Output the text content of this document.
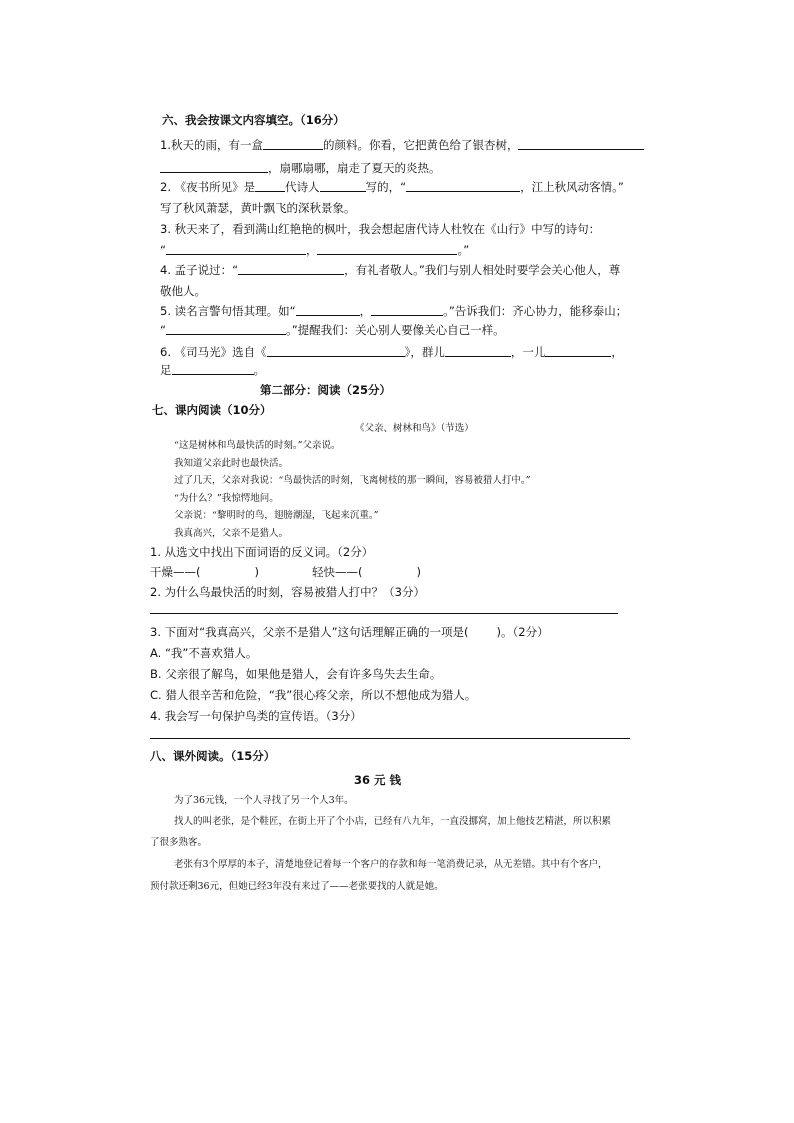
六、我会按课文内容填空。（16分）
1.秋天的雨，有一盒	的颜料。你看，它把黄色给了银杏树，
，扇哪扇哪，扇走了夏天的炎热。
2. 《夜书所见》是	代诗人	写的，“	，江上秋风动客情。”
写了秋风萧瑟，黄叶飘飞的深秋景象。
3. 秋天来了，看到满山红艳艳的枫叶，我会想起唐代诗人杜牧在《山行》中写的诗句：
“	，	。”
4. 孟子说过：“	，有礼者敬人。”我们与别人相处时要学会关心他人，尊
敬他人。
5. 读名言警句悟其理。如“	，	。”告诉我们：齐心协力，能移泰山；
“	。”提醒我们：关心别人要像关心自己一样。
6. 《司马光》选自《	》，群儿	，一儿	，
足	。
第二部分：阅读（25分）
七、课内阅读（10分）
《父亲、树林和鸟》（节选）
“这是树林和鸟最快活的时刻。”父亲说。
我知道父亲此时也最快活。
过了几天，父亲对我说：“鸟最快活的时刻，飞离树枝的那一瞬间，容易被猎人打中。”
“为什么？”我惊愕地问。
父亲说：“黎明时的鸟，翅膀潮湿，飞起来沉重。”
我真高兴，父亲不是猎人。
1. 从选文中找出下面词语的反义词。（2分）
干燥——(	)	轻快——(	)
2. 为什么鸟最快活的时刻，容易被猎人打中？（3分）
3. 下面对“我真高兴，父亲不是猎人”这句话理解正确的一项是( )。（2分）
A. “我”不喜欢猎人。
B. 父亲很了解鸟，如果他是猎人，会有许多鸟失去生命。
C. 猎人很辛苦和危险，“我”很心疼父亲，所以不想他成为猎人。
4. 我会写一句保护鸟类的宣传语。（3分）
八、课外阅读。（15分）
36 元 钱
为了36元钱，一个人寻找了另一个人3年。
找人的叫老张，是个鞋匠，在街上开了个小店，已经有八九年，一直没挪窝，加上他技艺精湛，所以积累
了很多熟客。
老张有3个厚厚的本子，清楚地登记着每一个客户的存款和每一笔消费记录，从无差错。其中有个客户，
预付款还剩36元，但她已经3年没有来过了——老张要找的人就是她。
